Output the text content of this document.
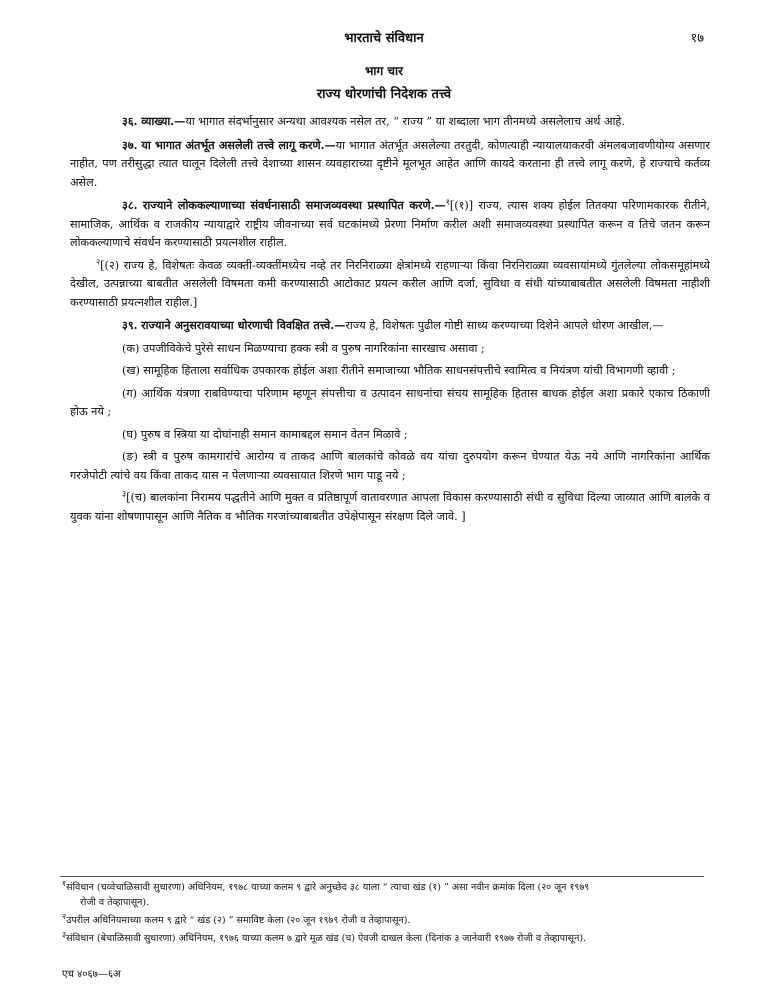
भारताचे संविधान	१७
भाग चार
राज्य धोरणांची निदेशक तत्त्वे

३६. व्याख्या.—या भागात संदर्भानुसार अन्यथा आवश्यक नसेल तर, “ राज्य ” या शब्दाला भाग तीनमध्ये असलेलाच अर्थ आहे.

३७. या भागात अंतर्भूत असलेली तत्त्वे लागू करणे.—या भागात अंतर्भूत असलेल्या तरतुदी, कोणत्याही न्यायालयाकरवी अंमलबजावणीयोग्य असणार नाहीत, पण तरीसुद्धा त्यात घालून दिलेली तत्त्वे देशाच्या शासन व्यवहाराच्या दृष्टीने मूलभूत आहेत आणि कायदे करताना ही तत्त्वे लागू करणे, हे राज्याचे कर्तव्य असेल.

३८. राज्याने लोककल्याणाच्या संवर्धनासाठी समाजव्यवस्था प्रस्थापित करणे.—$^१$[(१)] राज्य, त्यास शक्य होईल तितक्या परिणामकारक रीतीने, सामाजिक, आर्थिक व राजकीय न्यायाद्वारे राष्ट्रीय जीवनाच्या सर्व घटकांमध्ये प्रेरणा निर्माण करील अशी समाजव्यवस्था प्रस्थापित करून व तिचे जतन करून लोककल्याणाचे संवर्धन करण्यासाठी प्रयत्नशील राहील.

$^२$[(२) राज्य हे, विशेषतः केवळ व्यक्ती-व्यक्तींमध्येच नव्हे तर निरनिराळ्या क्षेत्रांमध्ये राहणाऱ्या किंवा निरनिराळ्या व्यवसायांमध्ये गुंतलेल्या लोकसमूहांमध्ये देखील, उत्पन्नाच्या बाबतीत असलेली विषमता कमी करण्यासाठी आटोकाट प्रयत्न करील आणि दर्जा, सुविधा व संधी यांच्याबाबतीत असलेली विषमता नाहीशी करण्यासाठी प्रयत्नशील राहील.]

३९. राज्याने अनुसरावयाच्या धोरणाची विवक्षित तत्त्वे.—राज्य हे, विशेषतः पुढील गोष्टी साध्य करण्याच्या दिशेने आपले धोरण आखील,—

(क) उपजीविकेचे पुरेसे साधन मिळण्याचा हक्क स्त्री व पुरुष नागरिकांना सारखाच असावा ;

(ख) सामूहिक हिताला सर्वाधिक उपकारक होईल अशा रीतीने समाजाच्या भौतिक साधनसंपत्तीचे स्वामित्व व नियंत्रण यांची विभागणी व्हावी ;

(ग) आर्थिक यंत्रणा राबविण्याचा परिणाम म्हणून संपत्तीचा व उत्पादन साधनांचा संचय सामूहिक हितास बाधक होईल अशा प्रकारे एकाच ठिकाणी होऊ नये ;

(घ) पुरुष व स्त्रिया या दोघांनाही समान कामाबद्दल समान वेतन मिळावे ;

(ङ) स्त्री व पुरुष कामगारांचे आरोग्य व ताकद आणि बालकांचे कोवळे वय यांचा दुरुपयोग करून घेण्यात येऊ नये आणि नागरिकांना आर्थिक गरजेपोटी त्यांचे वय किंवा ताकद यास न पेलणाऱ्या व्यवसायात शिरणे भाग पाडू नये ;

$^३$[(च) बालकांना निरामय पद्धतीने आणि मुक्त व प्रतिष्ठापूर्ण वातावरणात आपला विकास करण्यासाठी संधी व सुविधा दिल्या जाव्यात आणि बालके व युवक यांना शोषणापासून आणि नैतिक व भौतिक गरजांच्याबाबतीत उपेक्षेपासून संरक्षण दिले जावे. ]

$^१$संविधान (चव्वेचाळिसावी सुधारणा) अधिनियम, १९७८ याच्या कलम ९ द्वारे अनुच्छेद ३८ याला “ त्याचा खंड (१) ” असा नवीन क्रमांक दिला (२० जून १९७९
रोजी व तेव्हापासून).
$^२$उपरील अधिनियमाच्या कलम ९ द्वारे “ खंड (२) ” समाविष्ट केला (२० जून १९७९ रोजी व तेव्हापासून).
$^३$संविधान (बेचाळिसावी सुधारणा) अधिनियम, १९७६ याच्या कलम ७ द्वारे मूळ खंड (च) ऐवजी दाखल केला (दिनांक ३ जानेवारी १९७७ रोजी व तेव्हापासून).
एच ४०६७—६अ
